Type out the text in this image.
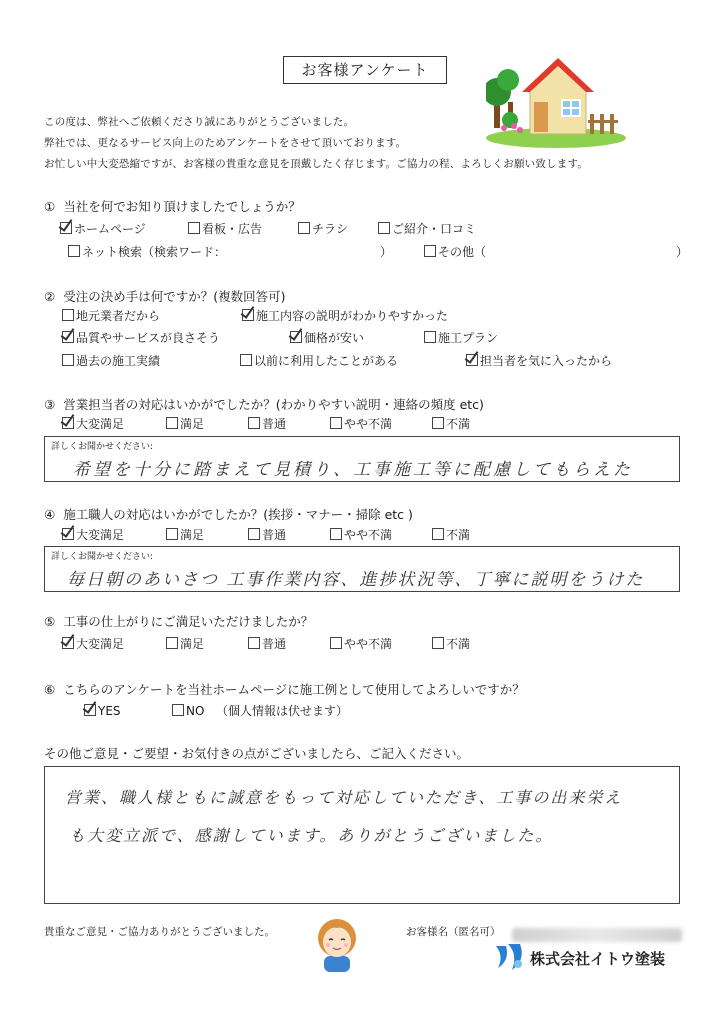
お客様アンケート
この度は、弊社へご依頼くださり誠にありがとうございました。
弊社では、更なるサービス向上のためアンケートをさせて頂いております。
お忙しい中大変恐縮ですが、お客様の貴重な意見を頂戴したく存じます。ご協力の程、よろしくお願い致します。
① 当社を何でお知り頂けましたでしょうか？
ホームページ	看板・広告	チラシ	ご紹介・口コミ
ネット検索（検索ワード：	）	その他（	）
② 受注の決め手は何ですか？(複数回答可)
地元業者だから	施工内容の説明がわかりやすかった
品質やサービスが良さそう	価格が安い	施工プラン
過去の施工実績	以前に利用したことがある	担当者を気に入ったから
③ 営業担当者の対応はいかがでしたか？(わかりやすい説明・連絡の頻度 etc)
大変満足	満足	普通	やや不満	不満
詳しくお聞かせください:
希望を十分に踏まえて見積り、工事施工等に配慮してもらえた
④ 施工職人の対応はいかがでしたか？(挨拶・マナー・掃除 etc )
大変満足	満足	普通	やや不満	不満
詳しくお聞かせください:
毎日朝のあいさつ 工事作業内容、進捗状況等、丁寧に説明をうけた
⑤ 工事の仕上がりにご満足いただけましたか？
大変満足	満足	普通	やや不満	不満
⑥ こちらのアンケートを当社ホームページに施工例として使用してよろしいですか？
YES	NO （個人情報は伏せます）
その他ご意見・ご要望・お気付きの点がございましたら、ご記入ください。
営業、職人様ともに誠意をもって対応していただき、工事の出来栄え
も大変立派で、感謝しています。ありがとうございました。
貴重なご意見・ご協力ありがとうございました。	お客様名（匿名可）
株式会社イトウ塗装
